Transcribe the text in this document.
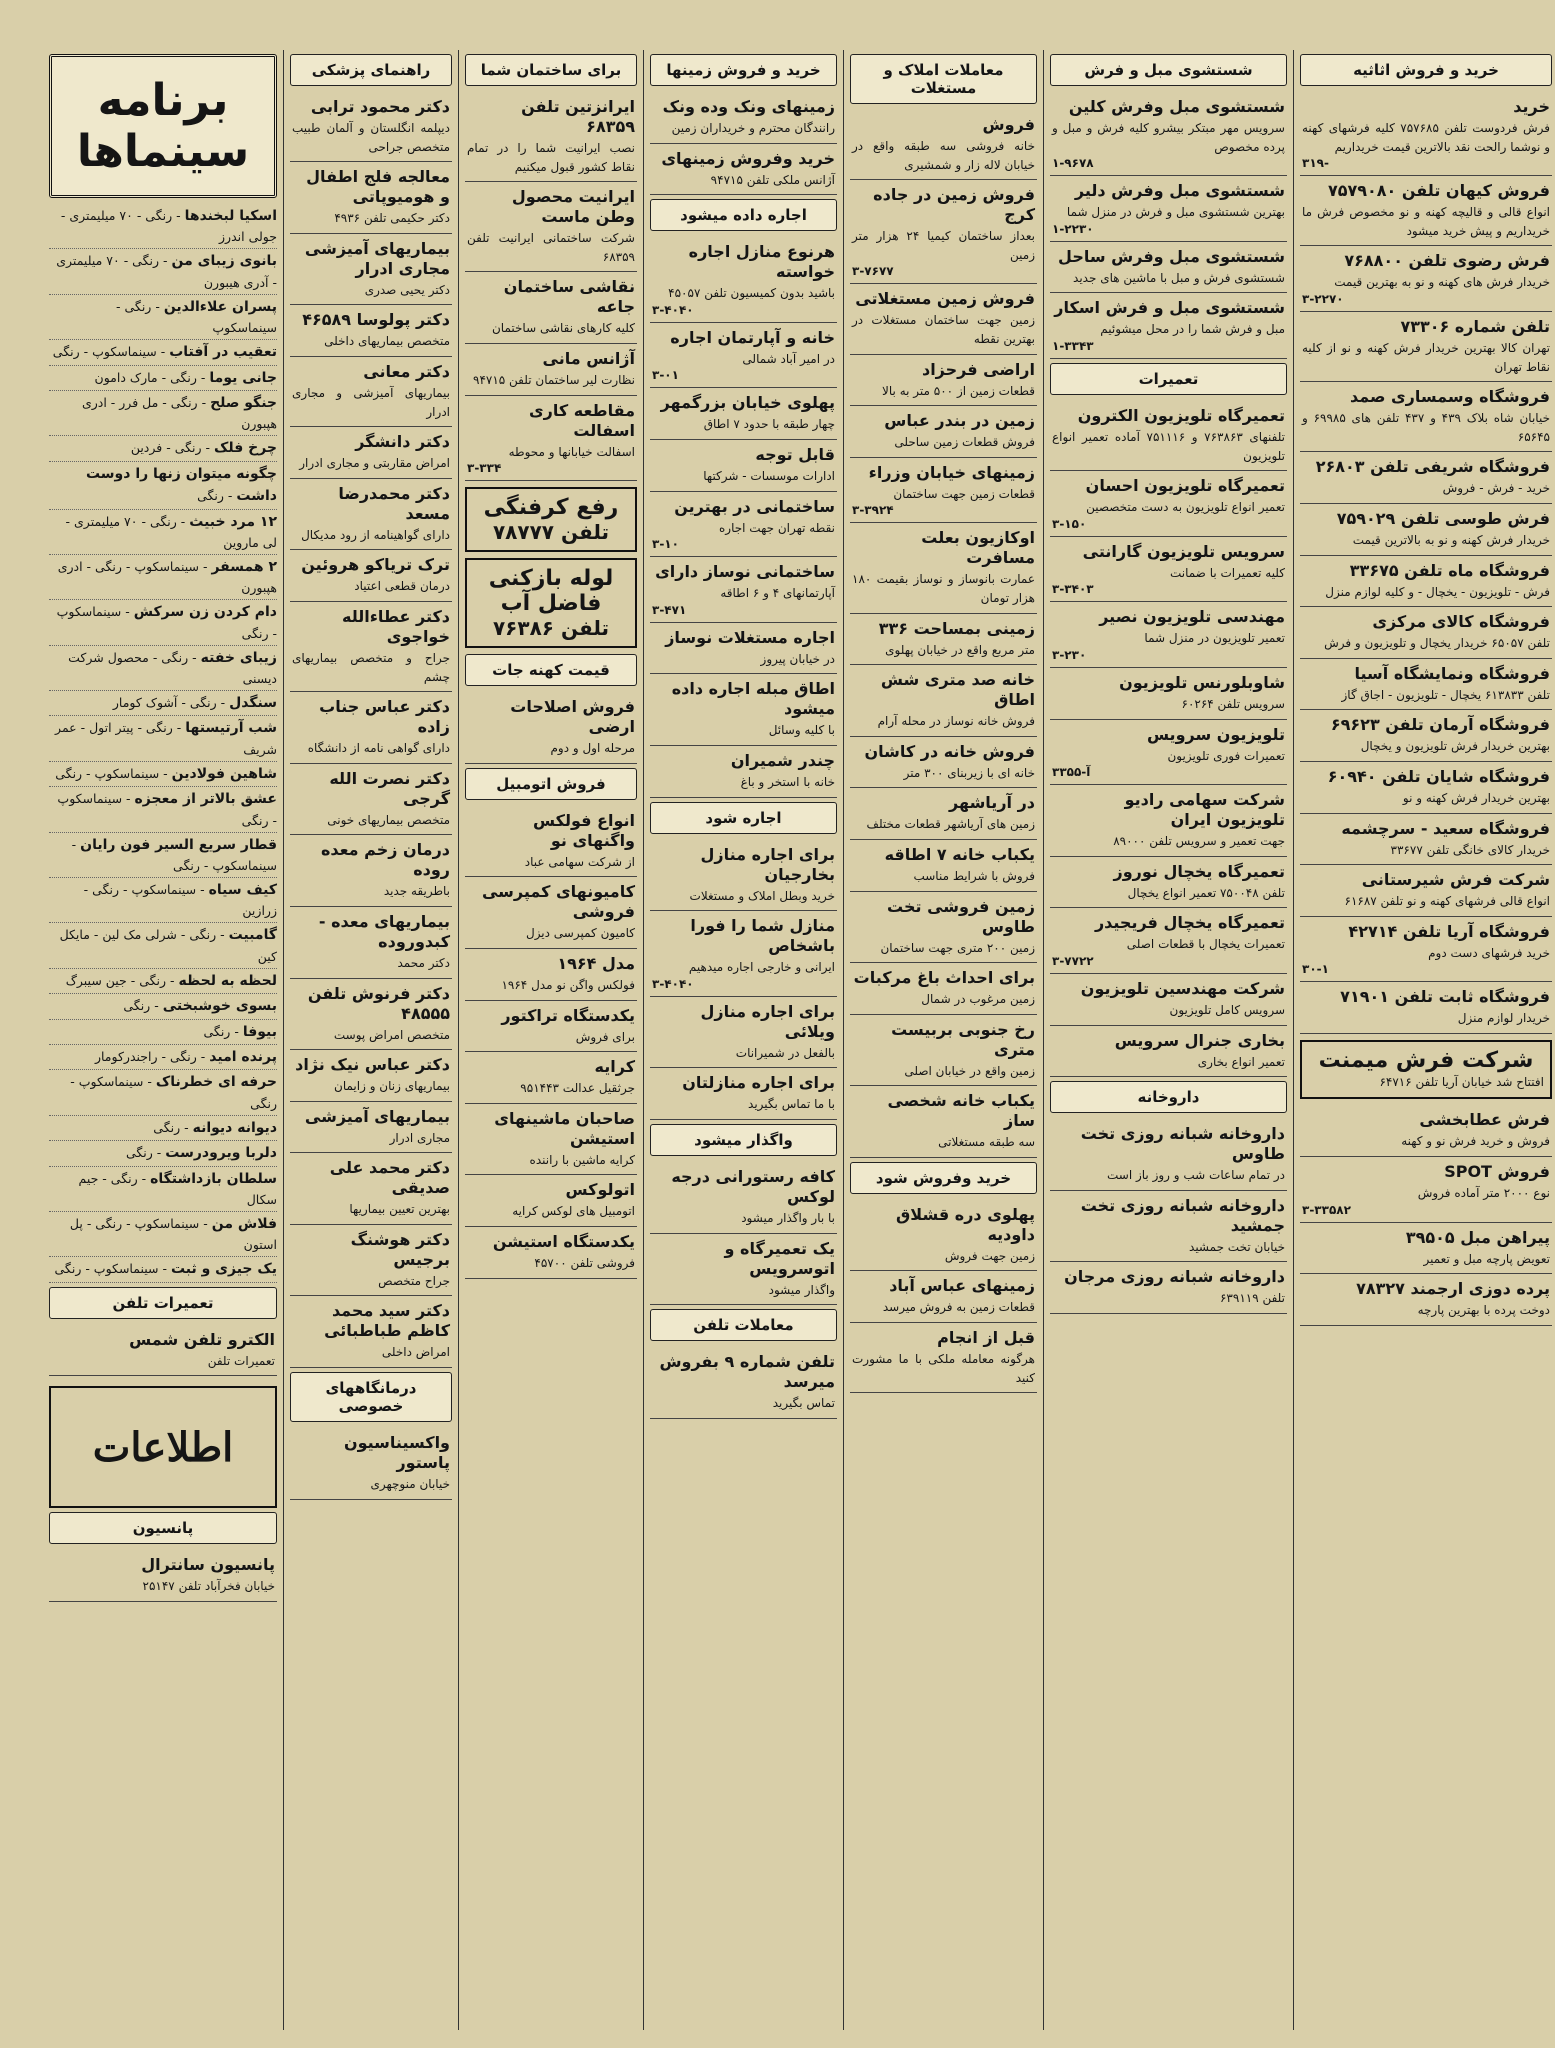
خرید و فروش اثاثیه
خرید

فرش فردوست تلفن ۷۵۷۶۸۵ کلیه فرشهای کهنه و نوشما رالحت نقد بالاترین قیمت خریداریم

۳۱۹-
فروش کیهان تلفن ۷۵۷۹۰۸۰

انواع قالی و قالیچه کهنه و نو مخصوص فرش ما خریداریم و پیش خرید میشود

فرش رضوی تلفن ۷۶۸۸۰۰

خریدار فرش های کهنه و نو به بهترین قیمت

۳-۲۲۷۰
تلفن شماره ۷۳۳۰۶

تهران کالا بهترین خریدار فرش کهنه و نو از کلیه نقاط تهران

فروشگاه وسمساری صمد

خیابان شاه بلاک ۴۳۹ و ۴۳۷ تلفن های ۶۹۹۸۵ و ۶۵۶۴۵

فروشگاه شریفی تلفن ۲۶۸۰۳

خرید - فرش - فروش

فرش طوسی تلفن ۷۵۹۰۲۹

خریدار فرش کهنه و نو به بالاترین قیمت

فروشگاه ماه تلفن ۳۳۶۷۵

فرش - تلویزیون - یخچال - و کلیه لوازم منزل

فروشگاه کالای مرکزی

تلفن ۶۵۰۵۷ خریدار یخچال و تلویزیون و فرش

فروشگاه ونمایشگاه آسیا

تلفن ۶۱۳۸۳۳ یخچال - تلویزیون - اجاق گاز

فروشگاه آرمان تلفن ۶۹۶۲۳

بهترین خریدار فرش تلویزیون و یخچال

فروشگاه شایان تلفن ۶۰۹۴۰

بهترین خریدار فرش کهنه و نو

فروشگاه سعید - سرچشمه

خریدار کالای خانگی تلفن ۳۳۶۷۷

شرکت فرش شیرستانی

انواع قالی فرشهای کهنه و نو تلفن ۶۱۶۸۷

فروشگاه آریا تلفن ۴۲۷۱۴

خرید فرشهای دست دوم

۳۰-۱
فروشگاه ثابت تلفن ۷۱۹۰۱

خریدار لوازم منزل

شرکت فرش میمنت
افتتاح شد خیابان آریا تلفن ۶۴۷۱۶
فرش عطابخشی

فروش و خرید فرش نو و کهنه

فروش SPOT

نوع ۲۰۰۰ متر آماده فروش

۳-۳۳۵۸۲
پیراهن مبل ۳۹۵۰۵

تعویض پارچه مبل و تعمیر

پرده دوزی ارجمند ۷۸۳۲۷

دوخت پرده با بهترین پارچه

شستشوی مبل و فرش
شستشوی مبل وفرش کلین

سرویس مهر مبتکر بیشرو کلیه فرش و مبل و پرده مخصوص

۱-۹۶۷۸
شستشوی مبل وفرش دلیر

بهترین شستشوی مبل و فرش در منزل شما

۱-۲۲۳۰
شستشوی مبل وفرش ساحل

شستشوی فرش و مبل با ماشین های جدید

شستشوی مبل و فرش اسکار

مبل و فرش شما را در محل میشوئیم

۱-۳۳۴۳
تعمیرات
تعمیرگاه تلویزیون الکترون

تلفنهای ۷۶۳۸۶۳ و ۷۵۱۱۱۶ آماده تعمیر انواع تلویزیون

تعمیرگاه تلویزیون احسان

تعمیر انواع تلویزیون به دست متخصصین

۳-۱۵۰
سرویس تلویزیون گارانتی

کلیه تعمیرات با ضمانت

۳-۳۴۰۳
مهندسی تلویزیون نصیر

تعمیر تلویزیون در منزل شما

۳-۲۳۰
شاوبلورنس تلویزیون

سرویس تلفن ۶۰۲۶۴

تلویزیون سرویس

تعمیرات فوری تلویزیون

۳۳۵۵-آ
شرکت سهامی رادیو تلویزیون ایران

جهت تعمیر و سرویس تلفن ۸۹۰۰۰

تعمیرگاه یخچال نوروز

تلفن ۷۵۰۰۴۸ تعمیر انواع یخچال

تعمیرگاه یخچال فریجیدر

تعمیرات یخچال با قطعات اصلی

۳-۷۷۲۲
شرکت مهندسین تلویزیون

سرویس کامل تلویزیون

بخاری جنرال سرویس

تعمیر انواع بخاری

داروخانه
داروخانه شبانه روزی تخت طاوس

در تمام ساعات شب و روز باز است

داروخانه شبانه روزی تخت جمشید

خیابان تخت جمشید

داروخانه شبانه روزی مرجان

تلفن ۶۳۹۱۱۹

معاملات املاک و مستغلات
فروش

خانه فروشی سه طبقه واقع در خیابان لاله زار و شمشیری

فروش زمین در جاده کرج

بعداز ساختمان کیمیا ۲۴ هزار متر زمین

۳-۷۶۷۷
فروش زمین مستغلاتی

زمین جهت ساختمان مستغلات در بهترین نقطه

اراضی فرحزاد

قطعات زمین از ۵۰۰ متر به بالا

زمین در بندر عباس

فروش قطعات زمین ساحلی

زمینهای خیابان وزراء

قطعات زمین جهت ساختمان

۳-۳۹۲۴
اوکازیون بعلت مسافرت

عمارت بانوساز و نوساز بقیمت ۱۸۰ هزار تومان

زمینی بمساحت ۳۳۶

متر مربع واقع در خیابان پهلوی

خانه صد متری شش اطاق

فروش خانه نوساز در محله آرام

فروش خانه در کاشان

خانه ای با زیربنای ۳۰۰ متر

در آریاشهر

زمین های آریاشهر قطعات مختلف

یکباب خانه ۷ اطاقه

فروش با شرایط مناسب

زمین فروشی تخت طاوس

زمین ۲۰۰ متری جهت ساختمان

برای احداث باغ مرکبات

زمین مرغوب در شمال

رخ جنوبی بربیست متری

زمین واقع در خیابان اصلی

یکباب خانه شخصی ساز

سه طبقه مستغلاتی

خرید وفروش شود
پهلوی دره قشلاق داودیه

زمین جهت فروش

زمینهای عباس آباد

قطعات زمین به فروش میرسد

قبل از انجام

هرگونه معامله ملکی با ما مشورت کنید

خرید و فروش زمینها
زمینهای ونک وده ونک

رانندگان محترم و خریداران زمین

خرید وفروش زمینهای

آژانس ملکی تلفن ۹۴۷۱۵

اجاره داده میشود
هرنوع منازل اجاره خواسته

باشید بدون کمیسیون تلفن ۴۵۰۵۷

۳-۴۰۴۰
خانه و آپارتمان اجاره

در امیر آباد شمالی

۳-۰۱
پهلوی خیابان بزرگمهر

چهار طبقه با حدود ۷ اطاق

قابل توجه

ادارات موسسات - شرکتها

ساختمانی در بهترین

نقطه تهران جهت اجاره

۳-۱۰
ساختمانی نوساز دارای

آپارتمانهای ۴ و ۶ اطاقه

۳-۴۷۱
اجاره مستغلات نوساز

در خیابان پیروز

اطاق مبله اجاره داده میشود

با کلیه وسائل

چندر شمیران

خانه با استخر و باغ

اجاره شود
برای اجاره منازل بخارجیان

خرید وبطل املاک و مستغلات

منازل شما را فورا باشخاص

ایرانی و خارجی اجاره میدهیم

۳-۴۰۴۰
برای اجاره منازل ویلائی

بالفعل در شمیرانات

برای اجاره منازلتان

با ما تماس بگیرید

واگذار میشود
کافه رستورانی درجه لوکس

با بار واگذار میشود

یک تعمیرگاه و اتوسرویس

واگذار میشود

معاملات تلفن
تلفن شماره ۹ بفروش میرسد

تماس بگیرید

برای ساختمان شما
ایرانزتین تلفن ۶۸۳۵۹

نصب ایرانیت شما را در تمام نقاط کشور قبول میکنیم

ایرانیت محصول وطن ماست

شرکت ساختمانی ایرانیت تلفن ۶۸۳۵۹

نقاشی ساختمان جاعه

کلیه کارهای نقاشی ساختمان

آژانس مانی

نظارت لیر ساختمان تلفن ۹۴۷۱۵

مقاطعه کاری اسفالت

اسفالت خیابانها و محوطه

۳-۳۳۴
رفع کرفنگی
تلفن ۷۸۷۷۷
لوله بازکنی فاضل آب
تلفن ۷۶۳۸۶
قیمت کهنه جات
فروش اصلاحات ارضی

مرحله اول و دوم

فروش اتومبیل
انواع فولکس واگنهای نو

از شرکت سهامی عباد

کامیونهای کمپرسی فروشی

کامیون کمپرسی دیزل

مدل ۱۹۶۴

فولکس واگن نو مدل ۱۹۶۴

یکدستگاه تراکتور

برای فروش

کرایه

جرثقیل عدالت ۹۵۱۴۴۳

صاحبان ماشینهای استیشن

کرایه ماشین با راننده

اتولوکس

اتومبیل های لوکس کرایه

یکدستگاه استیشن

فروشی تلفن ۴۵۷۰۰

راهنمای پزشکی
دکتر محمود ترابی

دیپلمه انگلستان و آلمان طبیب متخصص جراحی

معالجه فلج اطفال و هومیوپاتی

دکتر حکیمی تلفن ۴۹۳۶

بیماریهای آمیزشی مجاری ادرار

دکتر یحیی صدری

دکتر پولوسا ۴۶۵۸۹

متخصص بیماریهای داخلی

دکتر معانی

بیماریهای آمیزشی و مجاری ادرار

دکتر دانشگر

امراض مقاربتی و مجاری ادرار

دکتر محمدرضا مسعد

دارای گواهینامه از رود مدیکال

ترک تریاکو هروئین

درمان قطعی اعتیاد

دکتر عطاءالله خواجوی

جراح و متخصص بیماریهای چشم

دکتر عباس جناب زاده

دارای گواهی نامه از دانشگاه

دکتر نصرت الله گرجی

متخصص بیماریهای خونی

درمان زخم معده روده

باطریقه جدید

بیماریهای معده - کبدوروده

دکتر محمد

دکتر فرنوش تلفن ۴۸۵۵۵

متخصص امراض پوست

دکتر عباس نیک نژاد

بیماریهای زنان و زایمان

بیماریهای آمیزشی

مجاری ادرار

دکتر محمد علی صدیقی

بهترین تعیین بیماریها

دکتر هوشنگ برجیس

جراح متخصص

دکتر سید محمد کاظم طباطبائی

امراض داخلی

درمانگاههای خصوصی
واکسیناسیون پاستور

خیابان منوچهری

برنامه سینماها
اسکیا لبخندها - رنگی - ۷۰ میلیمتری - جولی اندرز
بانوی زیبای من - رنگی - ۷۰ میلیمتری - آدری هیبورن
پسران علاءالدین - رنگی - سینماسکوپ
تعقیب در آفتاب - سینماسکوپ - رنگی
جانی یوما - رنگی - مارک دامون
جنگو صلح - رنگی - مل فرر - ادری هپبورن
چرخ فلک - رنگی - فردین
چگونه میتوان زنها را دوست داشت - رنگی
۱۲ مرد خبیث - رنگی - ۷۰ میلیمتری - لی ماروین
۲ همسفر - سینماسکوپ - رنگی - ادری هپبورن
دام کردن زن سرکش - سینماسکوپ - رنگی
زیبای خفته - رنگی - محصول شرکت دیسنی
سنگدل - رنگی - آشوک کومار
شب آرتیستها - رنگی - پیتر اتول - عمر شریف
شاهین فولادین - سینماسکوپ - رنگی
عشق بالاتر از معجزه - سینماسکوپ - رنگی
قطار سریع السیر فون رایان - سینماسکوپ - رنگی
کیف سیاه - سینماسکوپ - رنگی - زرازین
گامبیت - رنگی - شرلی مک لین - مایکل کین
لحظه به لحظه - رنگی - جین سیبرگ
بسوی خوشبختی - رنگی
بیوفا - رنگی
پرنده امید - رنگی - راجندرکومار
حرفه ای خطرناک - سینماسکوپ - رنگی
دیوانه دیوانه - رنگی
دلربا ویرودرست - رنگی
سلطان بازداشتگاه - رنگی - جیم سکال
فلاش من - سینماسکوپ - رنگی - پل استون
یک جیزی و ثبت - سینماسکوپ - رنگی
تعمیرات تلفن
الکترو تلفن شمس

تعمیرات تلفن

اطلاعات
پانسیون
پانسیون سانترال

خیابان فخرآباد تلفن ۲۵۱۴۷
